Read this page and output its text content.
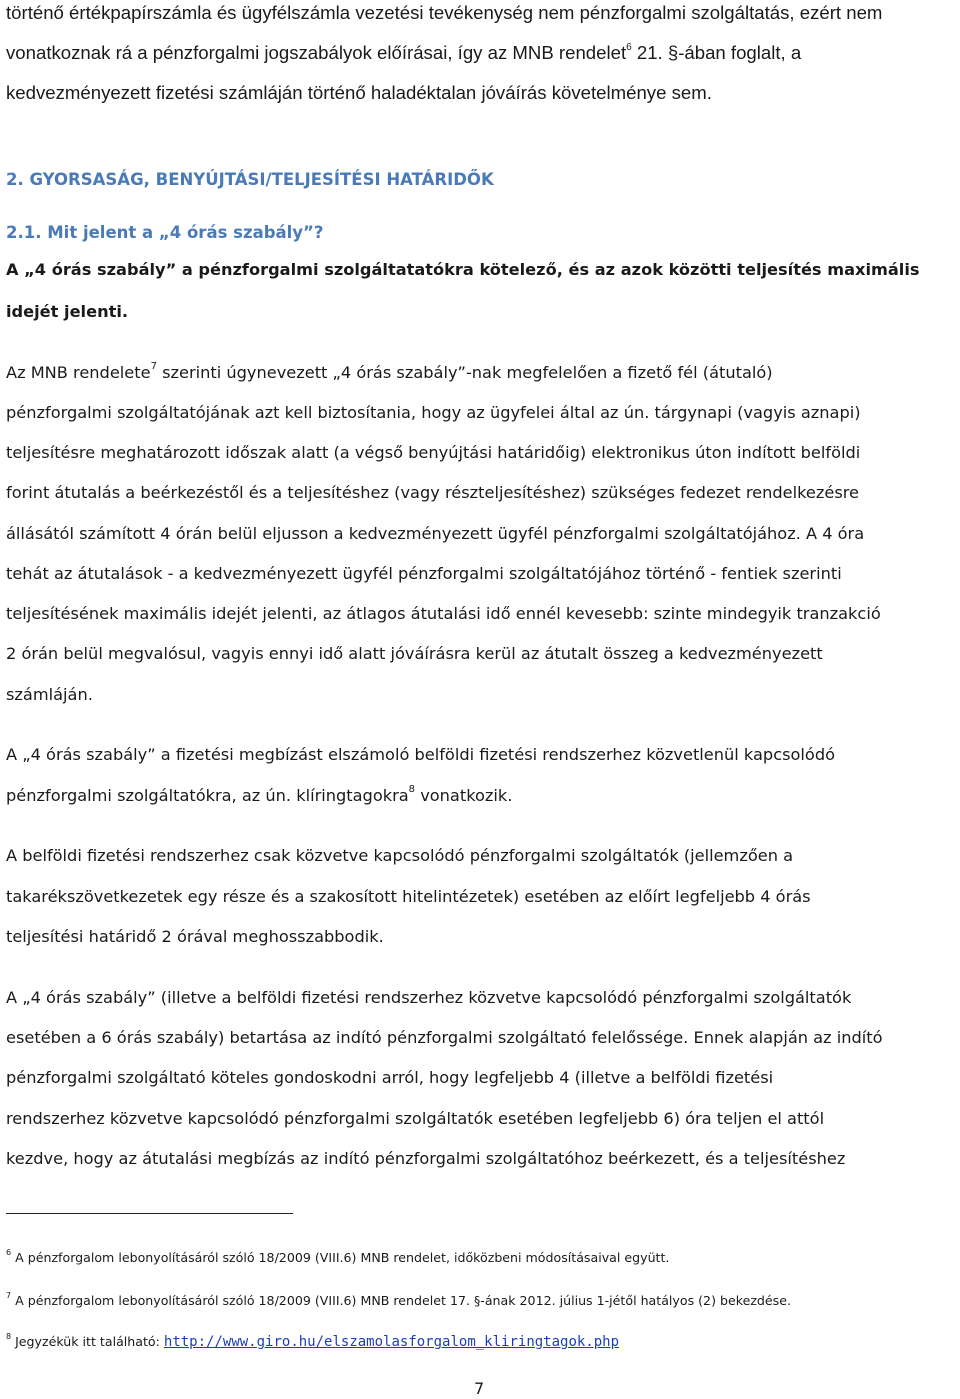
történő értékpapírszámla és ügyfélszámla vezetési tevékenység nem pénzforgalmi szolgáltatás, ezért nem
vonatkoznak rá a pénzforgalmi jogszabályok előírásai, így az MNB rendelet$^6$ 21. §-ában foglalt, a
kedvezményezett fizetési számláján történő haladéktalan jóváírás követelménye sem.
2. GYORSASÁG, BENYÚJTÁSI/TELJESÍTÉSI HATÁRIDŐK
2.1. Mit jelent a „4 órás szabály”?
A „4 órás szabály” a pénzforgalmi szolgáltatatókra kötelező, és az azok közötti teljesítés maximális
idejét jelenti.
Az MNB rendelete$^7$ szerinti úgynevezett „4 órás szabály”-nak megfelelően a fizető fél (átutaló)
pénzforgalmi szolgáltatójának azt kell biztosítania, hogy az ügyfelei által az ún. tárgynapi (vagyis aznapi)
teljesítésre meghatározott időszak alatt (a végső benyújtási határidőig) elektronikus úton indított belföldi
forint átutalás a beérkezéstől és a teljesítéshez (vagy részteljesítéshez) szükséges fedezet rendelkezésre
állásától számított 4 órán belül eljusson a kedvezményezett ügyfél pénzforgalmi szolgáltatójához. A 4 óra
tehát az átutalások - a kedvezményezett ügyfél pénzforgalmi szolgáltatójához történő - fentiek szerinti
teljesítésének maximális idejét jelenti, az átlagos átutalási idő ennél kevesebb: szinte mindegyik tranzakció
2 órán belül megvalósul, vagyis ennyi idő alatt jóváírásra kerül az átutalt összeg a kedvezményezett
számláján.
A „4 órás szabály” a fizetési megbízást elszámoló belföldi fizetési rendszerhez közvetlenül kapcsolódó
pénzforgalmi szolgáltatókra, az ún. klíringtagokra$^8$ vonatkozik.
A belföldi fizetési rendszerhez csak közvetve kapcsolódó pénzforgalmi szolgáltatók (jellemzően a
takarékszövetkezetek egy része és a szakosított hitelintézetek) esetében az előírt legfeljebb 4 órás
teljesítési határidő 2 órával meghosszabbodik.
A „4 órás szabály” (illetve a belföldi fizetési rendszerhez közvetve kapcsolódó pénzforgalmi szolgáltatók
esetében a 6 órás szabály) betartása az indító pénzforgalmi szolgáltató felelőssége. Ennek alapján az indító
pénzforgalmi szolgáltató köteles gondoskodni arról, hogy legfeljebb 4 (illetve a belföldi fizetési
rendszerhez közvetve kapcsolódó pénzforgalmi szolgáltatók esetében legfeljebb 6) óra teljen el attól
kezdve, hogy az átutalási megbízás az indító pénzforgalmi szolgáltatóhoz beérkezett, és a teljesítéshez
$^6$ A pénzforgalom lebonyolításáról szóló 18/2009 (VIII.6) MNB rendelet, időközbeni módosításaival együtt.
$^7$ A pénzforgalom lebonyolításáról szóló 18/2009 (VIII.6) MNB rendelet 17. §-ának 2012. július 1-jétől hatályos (2) bekezdése.
$^8$ Jegyzékük itt található: http://www.giro.hu/elszamolasforgalom_kliringtagok.php
7
